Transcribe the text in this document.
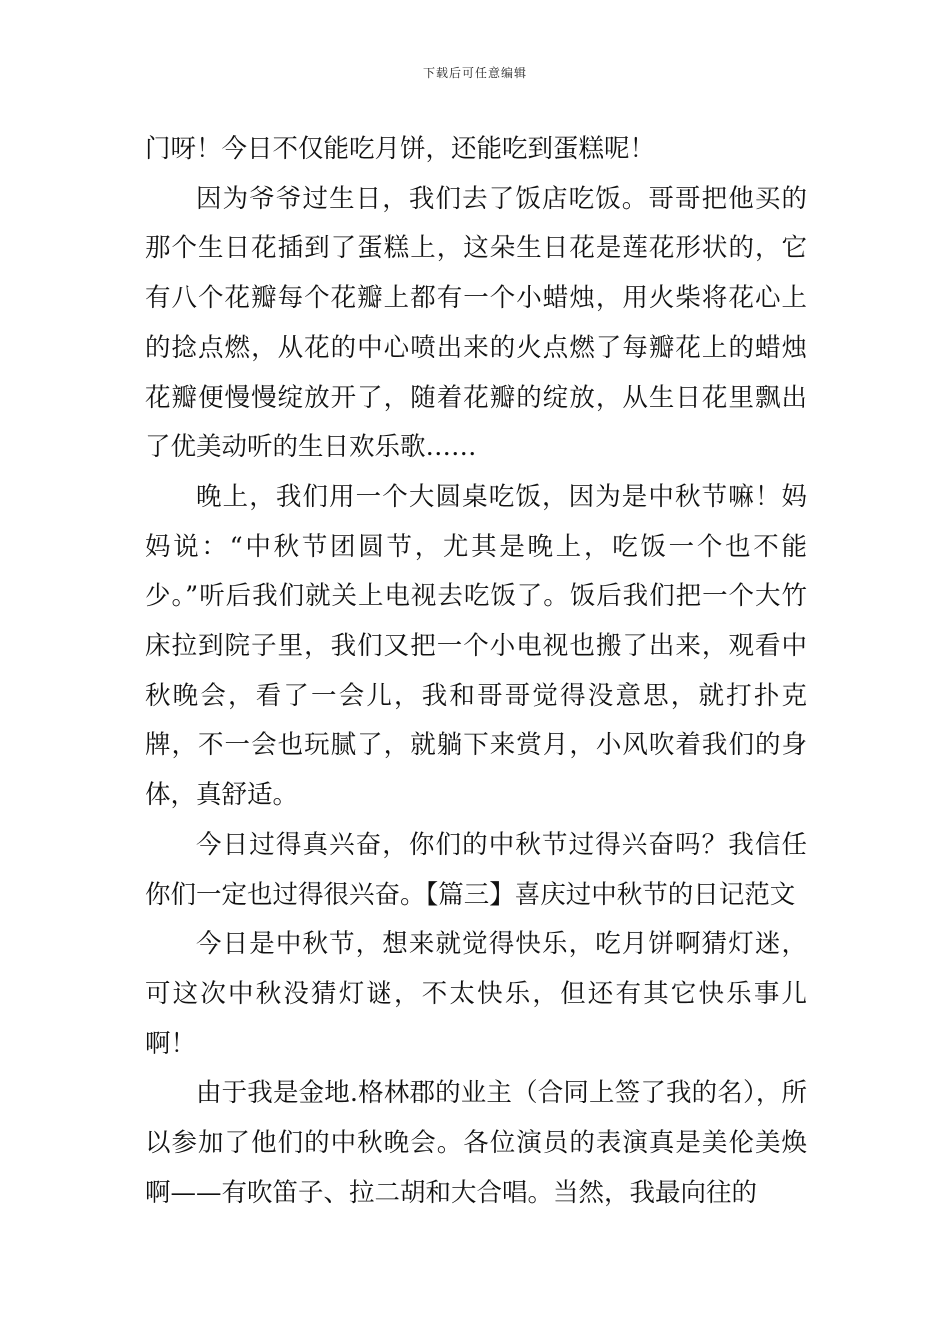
下载后可任意编辑

门呀！今日不仅能吃月饼，还能吃到蛋糕呢！

因为爷爷过生日，我们去了饭店吃饭。哥哥把他买的那个生日花插到了蛋糕上，这朵生日花是莲花形状的，它有八个花瓣每个花瓣上都有一个小蜡烛，用火柴将花心上的捻点燃，从花的中心喷出来的火点燃了每瓣花上的蜡烛花瓣便慢慢绽放开了，随着花瓣的绽放，从生日花里飘出了优美动听的生日欢乐歌……

晚上，我们用一个大圆桌吃饭，因为是中秋节嘛！妈妈说：“中秋节团圆节，尤其是晚上，吃饭一个也不能少。”听后我们就关上电视去吃饭了。饭后我们把一个大竹床拉到院子里，我们又把一个小电视也搬了出来，观看中秋晚会，看了一会儿，我和哥哥觉得没意思，就打扑克牌，不一会也玩腻了，就躺下来赏月，小风吹着我们的身体，真舒适。

今日过得真兴奋，你们的中秋节过得兴奋吗？我信任你们一定也过得很兴奋。【篇三】喜庆过中秋节的日记范文

今日是中秋节，想来就觉得快乐，吃月饼啊猜灯迷，可这次中秋没猜灯谜，不太快乐，但还有其它快乐事儿啊！

由于我是金地.格林郡的业主（合同上签了我的名），所以参加了他们的中秋晚会。各位演员的表演真是美伦美焕啊——有吹笛子、拉二胡和大合唱。当然，我最向往的
